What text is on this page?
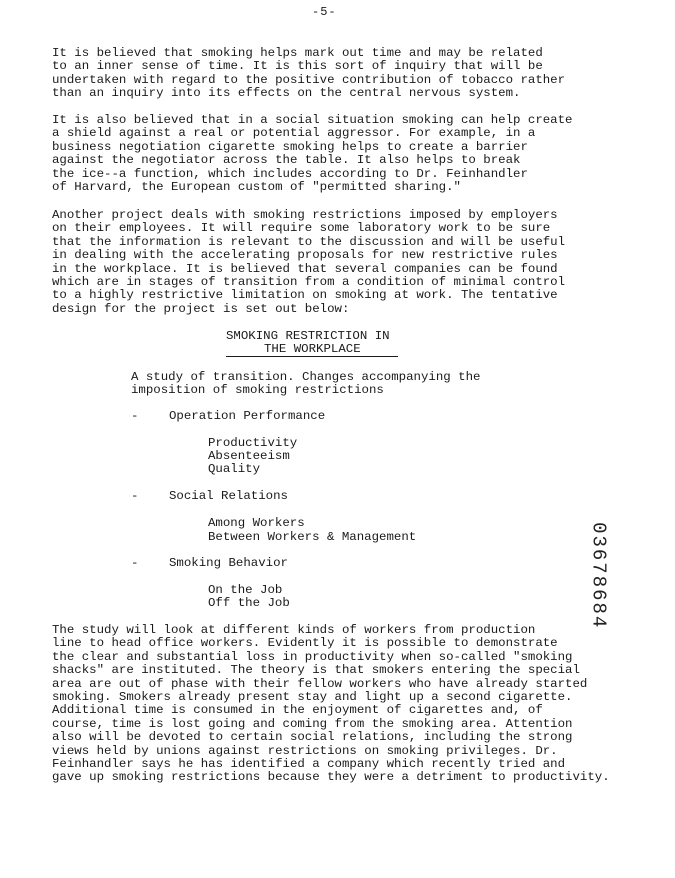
-5-
It is believed that smoking helps mark out time and may be related
to an inner sense of time. It is this sort of inquiry that will be
undertaken with regard to the positive contribution of tobacco rather
than an inquiry into its effects on the central nervous system.
It is also believed that in a social situation smoking can help create
a shield against a real or potential aggressor. For example, in a
business negotiation cigarette smoking helps to create a barrier
against the negotiator across the table. It also helps to break
the ice--a function, which includes according to Dr. Feinhandler
of Harvard, the European custom of "permitted sharing."
Another project deals with smoking restrictions imposed by employers
on their employees. It will require some laboratory work to be sure
that the information is relevant to the discussion and will be useful
in dealing with the accelerating proposals for new restrictive rules
in the workplace. It is believed that several companies can be found
which are in stages of transition from a condition of minimal control
to a highly restrictive limitation on smoking at work. The tentative
design for the project is set out below:
SMOKING RESTRICTION IN
THE WORKPLACE
A study of transition. Changes accompanying the
imposition of smoking restrictions
-	Operation Performance
Productivity
Absenteeism
Quality
-	Social Relations
Among Workers
Between Workers & Management
-	Smoking Behavior
On the Job
Off the Job	03678684
The study will look at different kinds of workers from production
line to head office workers. Evidently it is possible to demonstrate
the clear and substantial loss in productivity when so-called "smoking
shacks" are instituted. The theory is that smokers entering the special
area are out of phase with their fellow workers who have already started
smoking. Smokers already present stay and light up a second cigarette.
Additional time is consumed in the enjoyment of cigarettes and, of
course, time is lost going and coming from the smoking area. Attention
also will be devoted to certain social relations, including the strong
views held by unions against restrictions on smoking privileges. Dr.
Feinhandler says he has identified a company which recently tried and
gave up smoking restrictions because they were a detriment to productivity.
